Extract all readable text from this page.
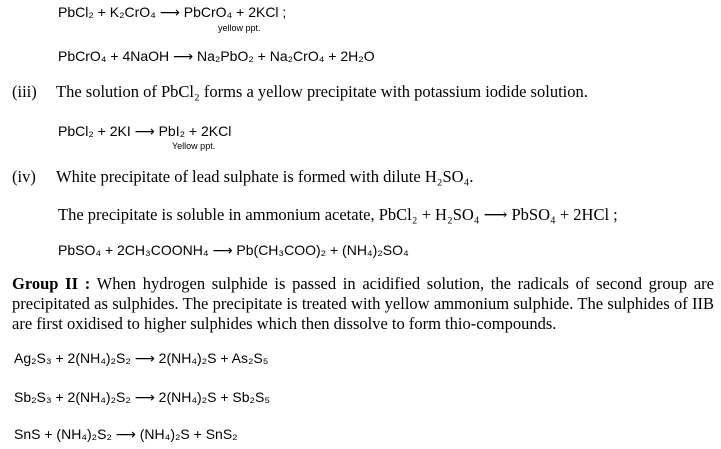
PbCl₂ + K₂CrO₄ ⟶ PbCrO₄ + 2KCl ;
yellow ppt.
PbCrO₄ + 4NaOH ⟶ Na₂PbO₂ + Na₂CrO₄ + 2H₂O
(iii) The solution of PbCl₂ forms a yellow precipitate with potassium iodide solution.
PbCl₂ + 2KI ⟶ PbI₂ + 2KCl
Yellow ppt.
(iv) White precipitate of lead sulphate is formed with dilute H₂SO₄.
The precipitate is soluble in ammonium acetate, PbCl₂ + H₂SO₄ ⟶ PbSO₄ + 2HCl ;
PbSO₄ + 2CH₃COONH₄ ⟶ Pb(CH₃COO)₂ + (NH₄)₂SO₄
Group II : When hydrogen sulphide is passed in acidified solution, the radicals of second group are precipitated as sulphides. The precipitate is treated with yellow ammonium sulphide. The sulphides of IIB are first oxidised to higher sulphides which then dissolve to form thio-compounds.
Ag₂S₃ + 2(NH₄)₂S₂ ⟶ 2(NH₄)₂S + As₂S₅
Sb₂S₃ + 2(NH₄)₂S₂ ⟶ 2(NH₄)₂S + Sb₂S₅
SnS + (NH₄)₂S₂ ⟶ (NH₄)₂S + SnS₂
